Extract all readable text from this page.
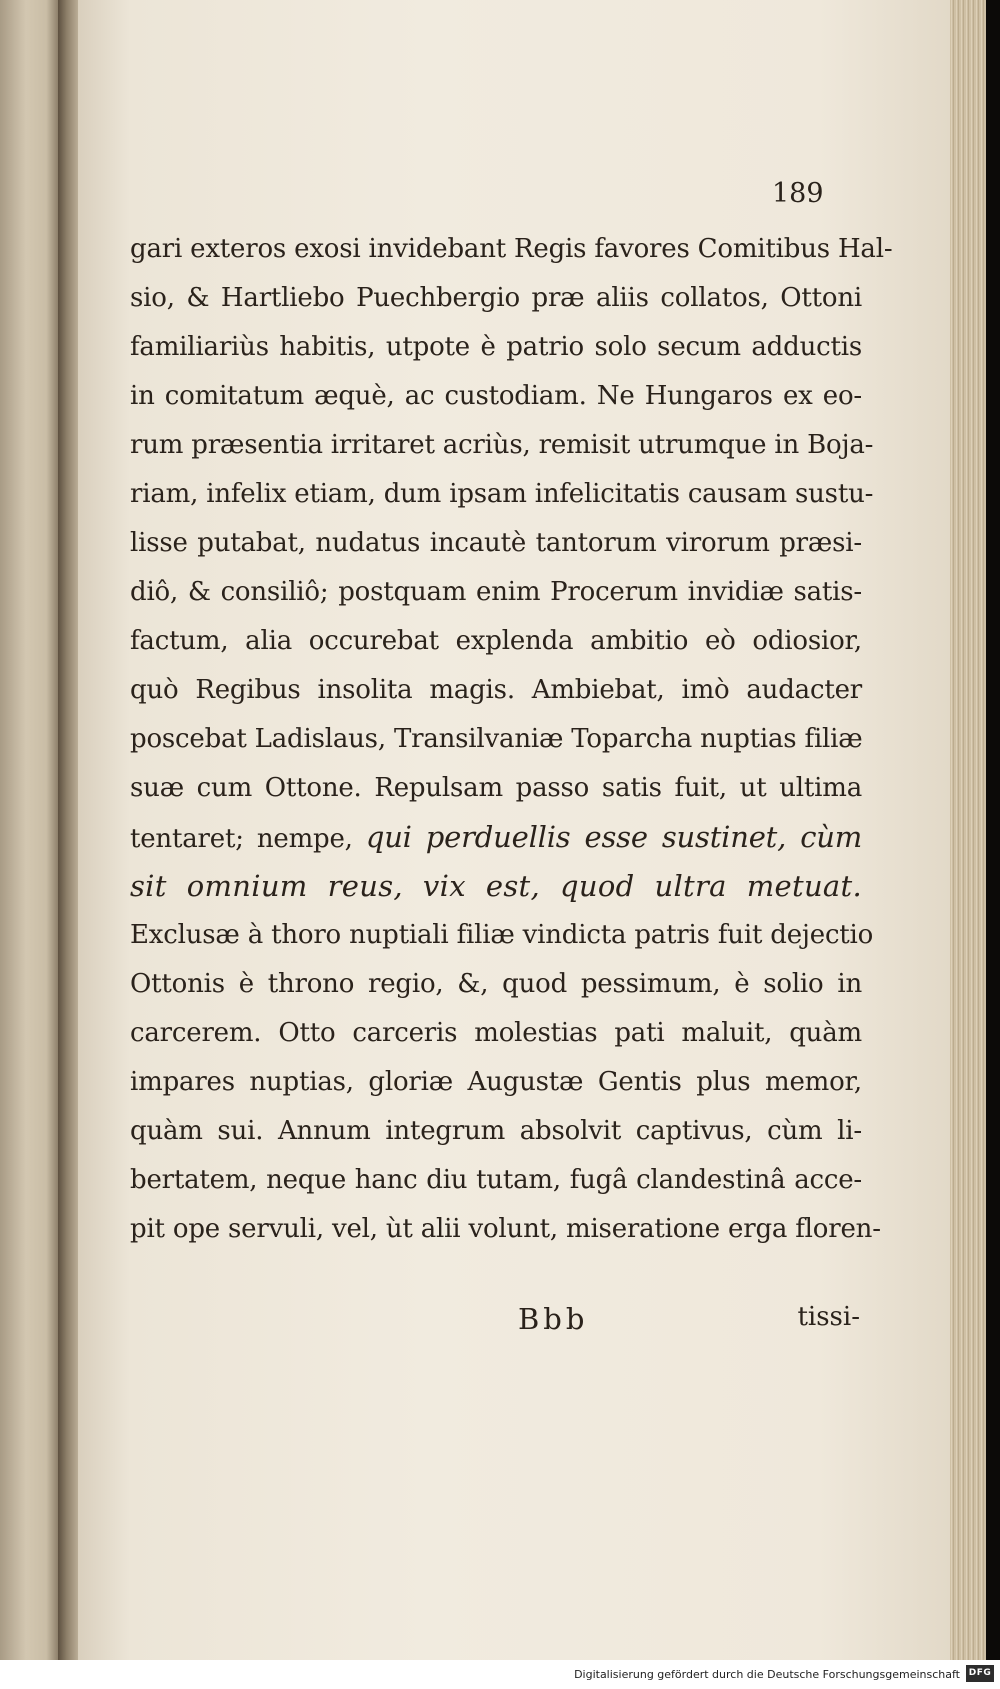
189
gari exteros exosi invidebant Regis favores Comitibus Hal-
sio, & Hartliebo Puechbergio præ aliis collatos, Ottoni
familiariùs habitis, utpote è patrio solo secum adductis
in comitatum æquè, ac custodiam. Ne Hungaros ex eo-
rum præsentia irritaret acriùs, remisit utrumque in Boja-
riam, infelix etiam, dum ipsam infelicitatis causam sustu-
lisse putabat, nudatus incautè tantorum virorum præsi-
diô, & consiliô; postquam enim Procerum invidiæ satis-
factum, alia occurebat explenda ambitio eò odiosior,
quò Regibus insolita magis. Ambiebat, imò audacter
poscebat Ladislaus, Transilvaniæ Toparcha nuptias filiæ
suæ cum Ottone. Repulsam passo satis fuit, ut ultima
tentaret; nempe, qui perduellis esse sustinet, cùm
sit omnium reus, vix est, quod ultra metuat.
Exclusæ à thoro nuptiali filiæ vindicta patris fuit dejectio
Ottonis è throno regio, &, quod pessimum, è solio in
carcerem. Otto carceris molestias pati maluit, quàm
impares nuptias, gloriæ Augustæ Gentis plus memor,
quàm sui. Annum integrum absolvit captivus, cùm li-
bertatem, neque hanc diu tutam, fugâ clandestinâ acce-
pit ope servuli, vel, ùt alii volunt, miseratione erga floren-
Bbb	tissi-
Digitalisierung gefördert durch die Deutsche Forschungsgemeinschaft DFG
